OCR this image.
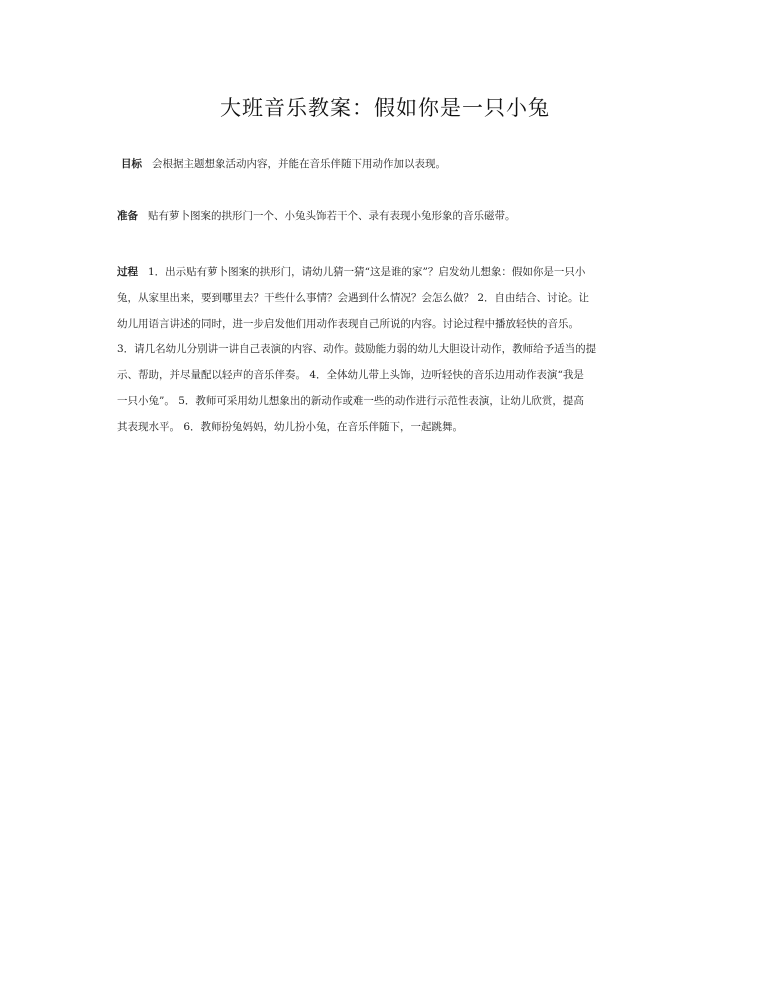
大班音乐教案：假如你是一只小兔
目标 会根据主题想象活动内容，并能在音乐伴随下用动作加以表现。
准备 贴有萝卜图案的拱形门一个、小兔头饰若干个、录有表现小兔形象的音乐磁带。

过程 1．出示贴有萝卜图案的拱形门，请幼儿猜一猜“这是谁的家”？启发幼儿想象：假如你是一只小

兔，从家里出来，要到哪里去？干些什么事情？会遇到什么情况？会怎么做？ 2．自由结合、讨论。让

幼儿用语言讲述的同时，进一步启发他们用动作表现自己所说的内容。讨论过程中播放轻快的音乐。

3．请几名幼儿分别讲一讲自己表演的内容、动作。鼓励能力弱的幼儿大胆设计动作，教师给予适当的提

示、帮助，并尽量配以轻声的音乐伴奏。 4．全体幼儿带上头饰，边听轻快的音乐边用动作表演“我是

一只小兔”。 5．教师可采用幼儿想象出的新动作或难一些的动作进行示范性表演，让幼儿欣赏，提高

其表现水平。 6．教师扮兔妈妈，幼儿扮小兔，在音乐伴随下，一起跳舞。
